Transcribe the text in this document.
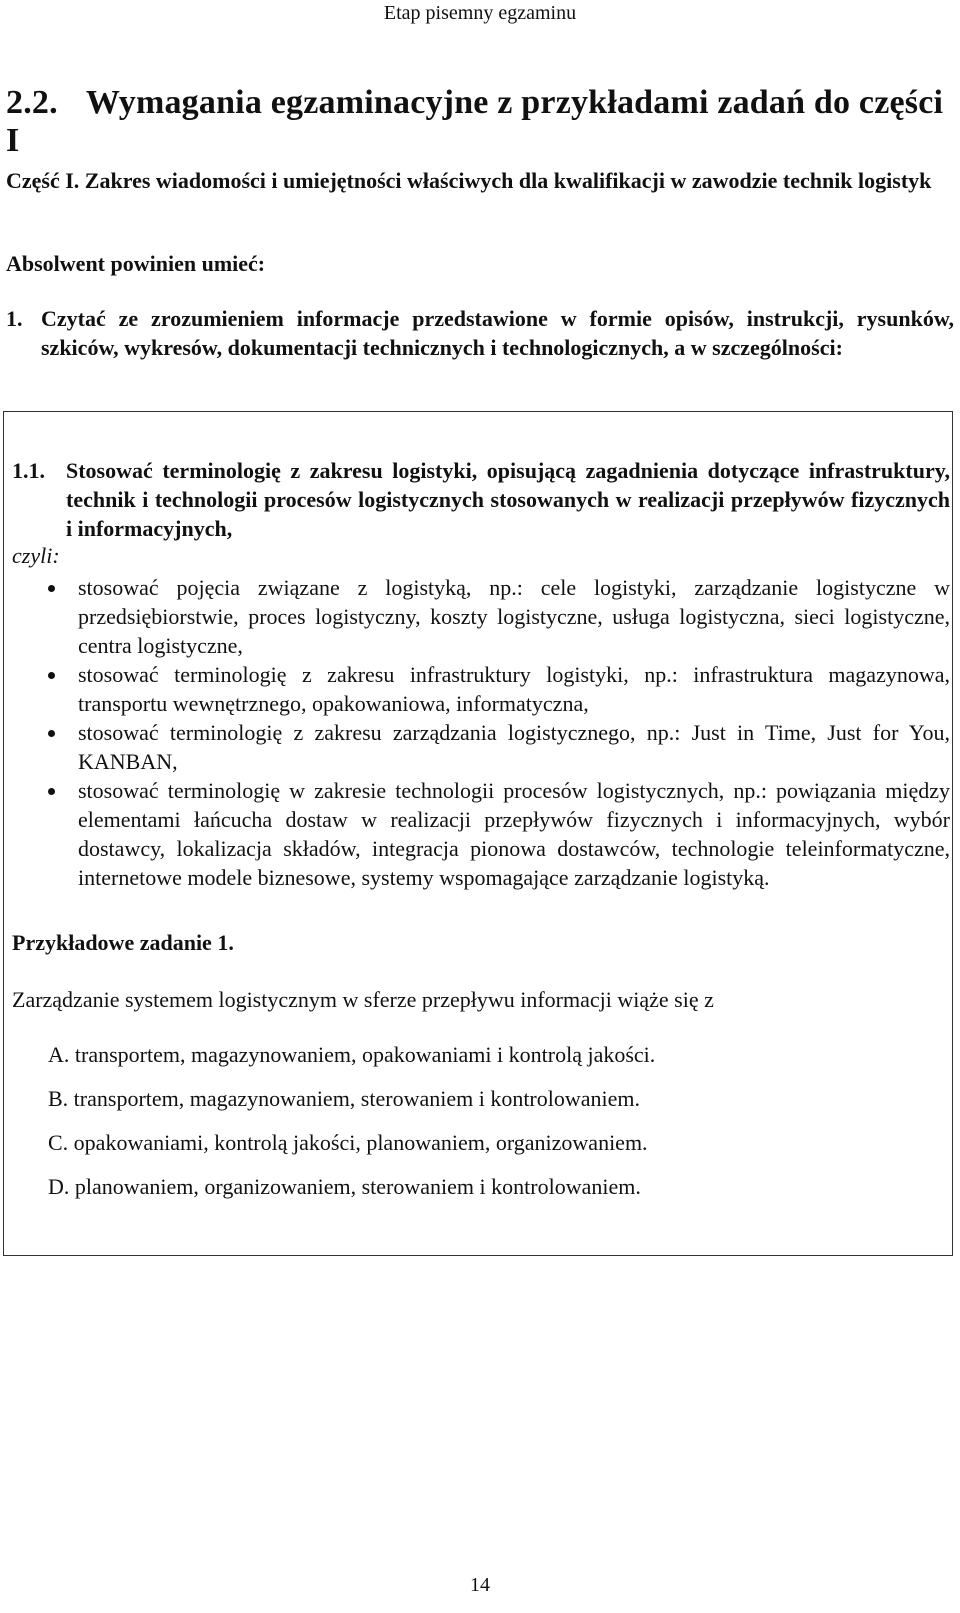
Etap pisemny egzaminu
2.2. Wymagania egzaminacyjne z przykładami zadań do części I
Część I. Zakres wiadomości i umiejętności właściwych dla kwalifikacji w zawodzie technik logistyk
Absolwent powinien umieć:
1. Czytać ze zrozumieniem informacje przedstawione w formie opisów, instrukcji, rysunków, szkiców, wykresów, dokumentacji technicznych i technologicznych, a w szczególności:
1.1. Stosować terminologię z zakresu logistyki, opisującą zagadnienia dotyczące infrastruktury, technik i technologii procesów logistycznych stosowanych w realizacji przepływów fizycznych i informacyjnych,
czyli:
stosować pojęcia związane z logistyką, np.: cele logistyki, zarządzanie logistyczne w przedsiębiorstwie, proces logistyczny, koszty logistyczne, usługa logistyczna, sieci logistyczne, centra logistyczne,
stosować terminologię z zakresu infrastruktury logistyki, np.: infrastruktura magazynowa, transportu wewnętrznego, opakowaniowa, informatyczna,
stosować terminologię z zakresu zarządzania logistycznego, np.: Just in Time, Just for You, KANBAN,
stosować terminologię w zakresie technologii procesów logistycznych, np.: powiązania między elementami łańcucha dostaw w realizacji przepływów fizycznych i informacyjnych, wybór dostawcy, lokalizacja składów, integracja pionowa dostawców, technologie teleinformatyczne, internetowe modele biznesowe, systemy wspomagające zarządzanie logistyką.
Przykładowe zadanie 1.
Zarządzanie systemem logistycznym w sferze przepływu informacji wiąże się z
A. transportem, magazynowaniem, opakowaniami i kontrolą jakości.
B. transportem, magazynowaniem, sterowaniem i kontrolowaniem.
C. opakowaniami, kontrolą jakości, planowaniem, organizowaniem.
D. planowaniem, organizowaniem, sterowaniem i kontrolowaniem.
14
